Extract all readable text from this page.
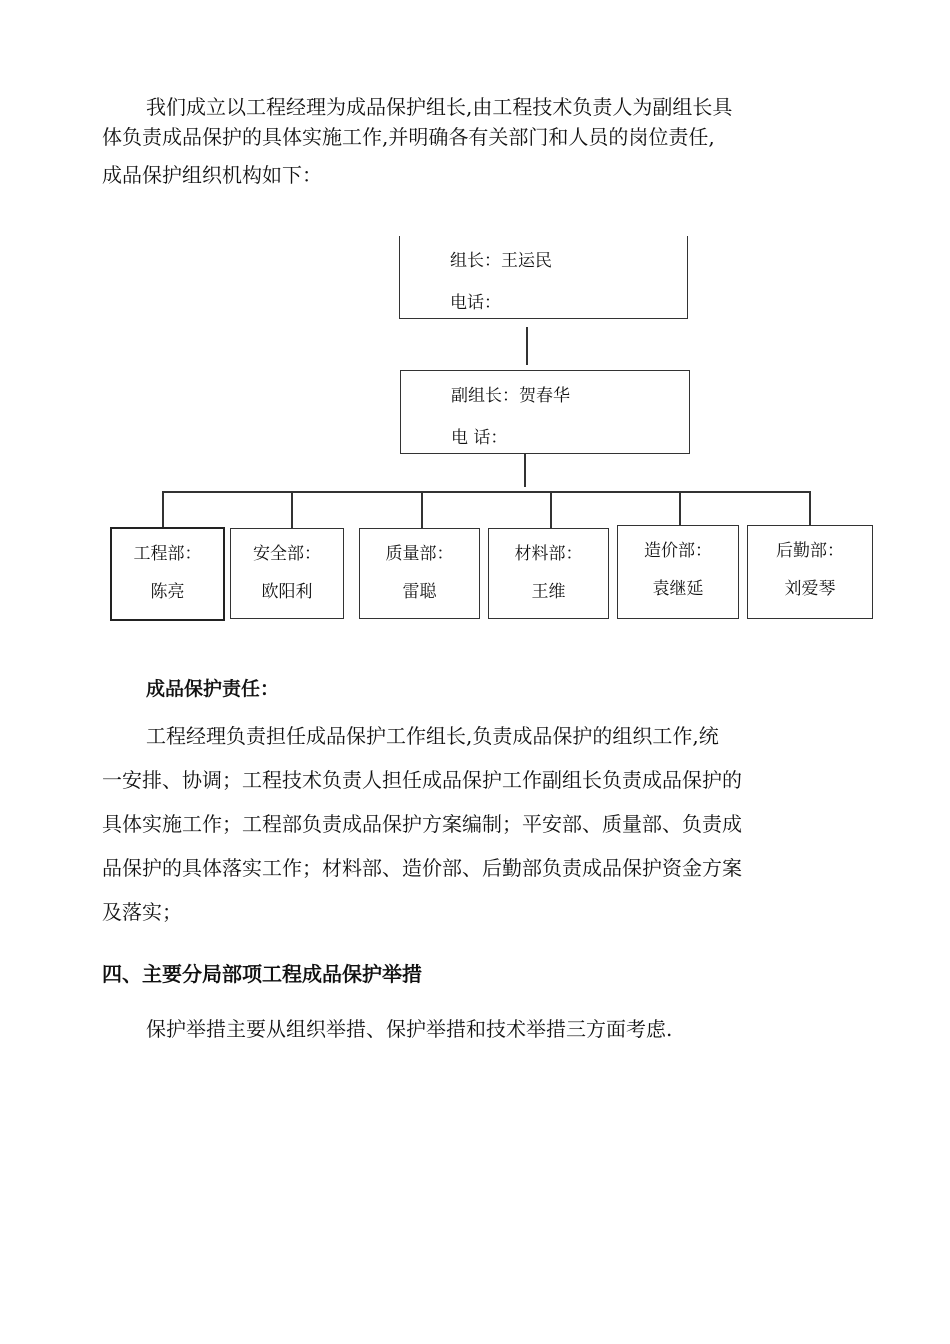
我们成立以工程经理为成品保护组长,由工程技术负责人为副组长具
体负责成品保护的具体实施工作,并明确各有关部门和人员的岗位责任,
成品保护组织机构如下：
组长：王运民
电话：
副组长：贺春华
电 话：
工程部：
陈亮
安全部：
欧阳利
质量部：
雷聪
材料部：
王维
造价部：
袁继延
后勤部：
刘爱琴
成品保护责任：
工程经理负责担任成品保护工作组长,负责成品保护的组织工作,统
一安排、协调；工程技术负责人担任成品保护工作副组长负责成品保护的
具体实施工作；工程部负责成品保护方案编制；平安部、质量部、负责成
品保护的具体落实工作；材料部、造价部、后勤部负责成品保护资金方案
及落实；
四、主要分局部项工程成品保护举措
保护举措主要从组织举措、保护举措和技术举措三方面考虑.
